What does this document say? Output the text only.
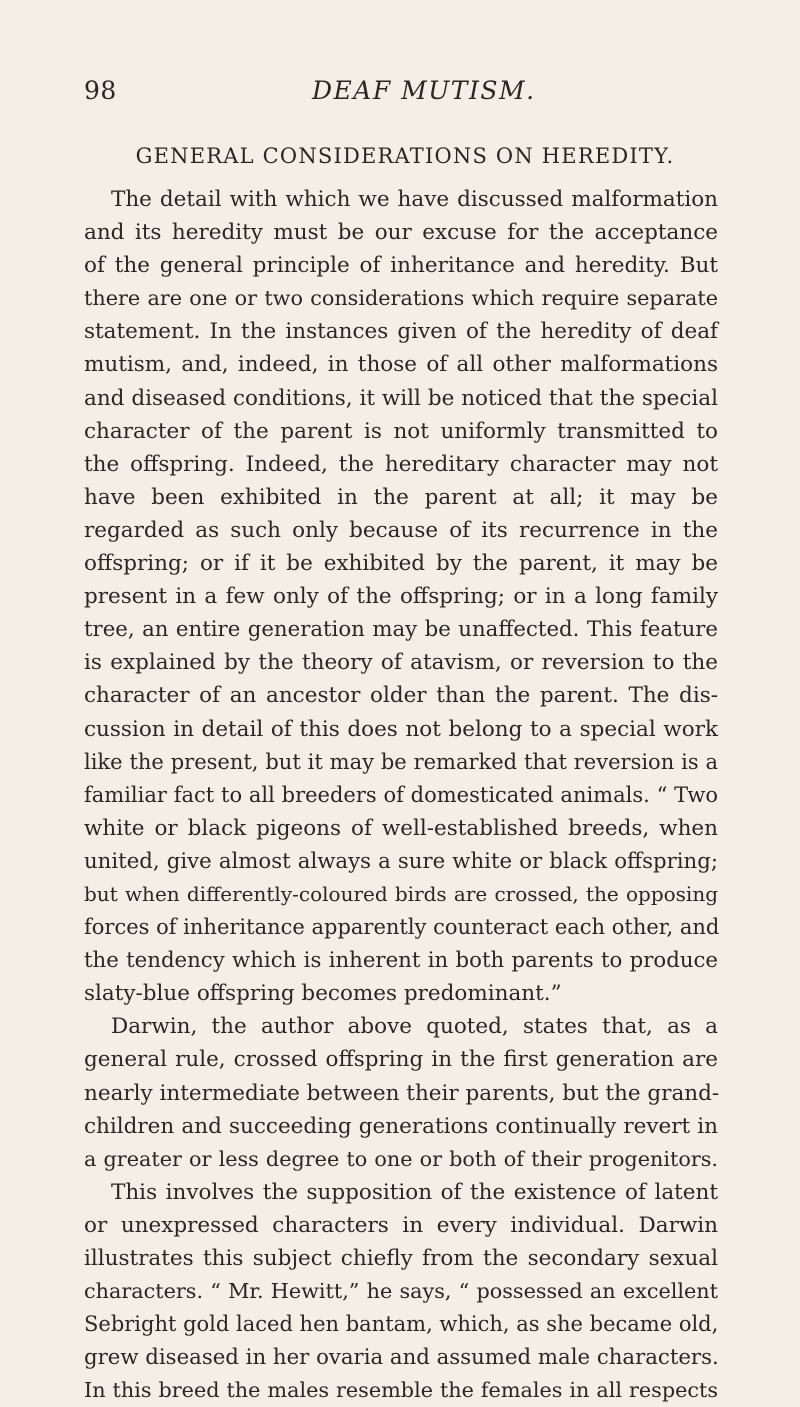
98	DEAF MUTISM.
GENERAL CONSIDERATIONS ON HEREDITY.
The detail with which we have discussed malformation
and its heredity must be our excuse for the acceptance
of the general principle of inheritance and heredity. But
there are one or two considerations which require separate
statement. In the instances given of the heredity of deaf
mutism, and, indeed, in those of all other malformations
and diseased conditions, it will be noticed that the special
character of the parent is not uniformly transmitted to
the offspring. Indeed, the hereditary character may not
have been exhibited in the parent at all; it may be
regarded as such only because of its recurrence in the
offspring; or if it be exhibited by the parent, it may be
present in a few only of the offspring; or in a long family
tree, an entire generation may be unaffected. This feature
is explained by the theory of atavism, or reversion to the
character of an ancestor older than the parent. The dis-
cussion in detail of this does not belong to a special work
like the present, but it may be remarked that reversion is a
familiar fact to all breeders of domesticated animals. “ Two
white or black pigeons of well-established breeds, when
united, give almost always a sure white or black offspring;
but when differently-coloured birds are crossed, the opposing
forces of inheritance apparently counteract each other, and
the tendency which is inherent in both parents to produce
slaty-blue offspring becomes predominant.”
Darwin, the author above quoted, states that, as a
general rule, crossed offspring in the first generation are
nearly intermediate between their parents, but the grand-
children and succeeding generations continually revert in
a greater or less degree to one or both of their progenitors.
This involves the supposition of the existence of latent
or unexpressed characters in every individual. Darwin
illustrates this subject chiefly from the secondary sexual
characters. “ Mr. Hewitt,” he says, “ possessed an excellent
Sebright gold laced hen bantam, which, as she became old,
grew diseased in her ovaria and assumed male characters.
In this breed the males resemble the females in all respects
